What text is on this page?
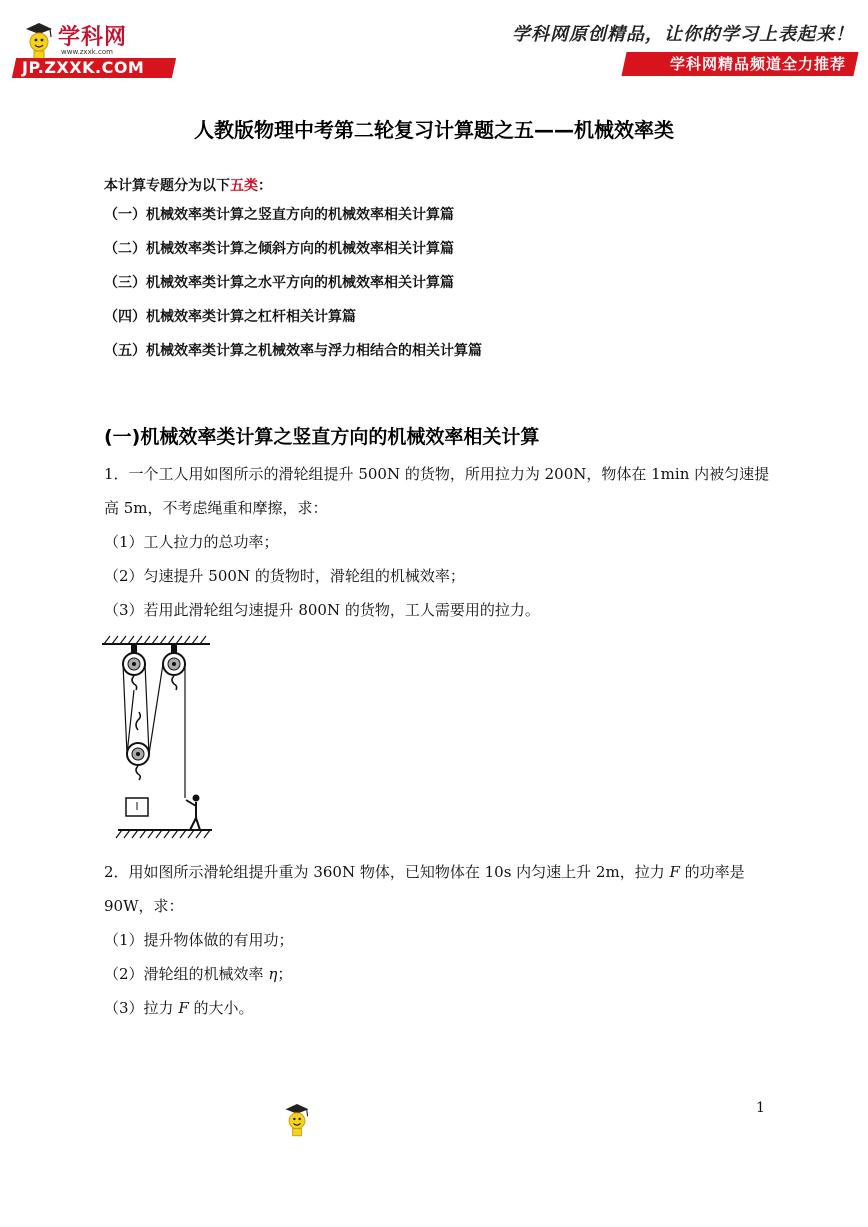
学科网
www.zxxk.com
JP.ZXXK.COM
学科网原创精品，让你的学习上表起来！
学科网精品频道全力推荐
人教版物理中考第二轮复习计算题之五——机械效率类
本计算专题分为以下五类：
（一）机械效率类计算之竖直方向的机械效率相关计算篇
（二）机械效率类计算之倾斜方向的机械效率相关计算篇
（三）机械效率类计算之水平方向的机械效率相关计算篇
（四）机械效率类计算之杠杆相关计算篇
（五）机械效率类计算之机械效率与浮力相结合的相关计算篇
(一)机械效率类计算之竖直方向的机械效率相关计算
1．一个工人用如图所示的滑轮组提升 500N 的货物，所用拉力为 200N，物体在 1min 内被匀速提
高 5m，不考虑绳重和摩擦，求：
（1）工人拉力的总功率；
（2）匀速提升 500N 的货物时，滑轮组的机械效率；
（3）若用此滑轮组匀速提升 800N 的货物，工人需要用的拉力。
2．用如图所示滑轮组提升重为 360N 物体，已知物体在 10s 内匀速上升 2m，拉力 F 的功率是
90W，求：
（1）提升物体做的有用功；
（2）滑轮组的机械效率 η；
（3）拉力 F 的大小。
1
